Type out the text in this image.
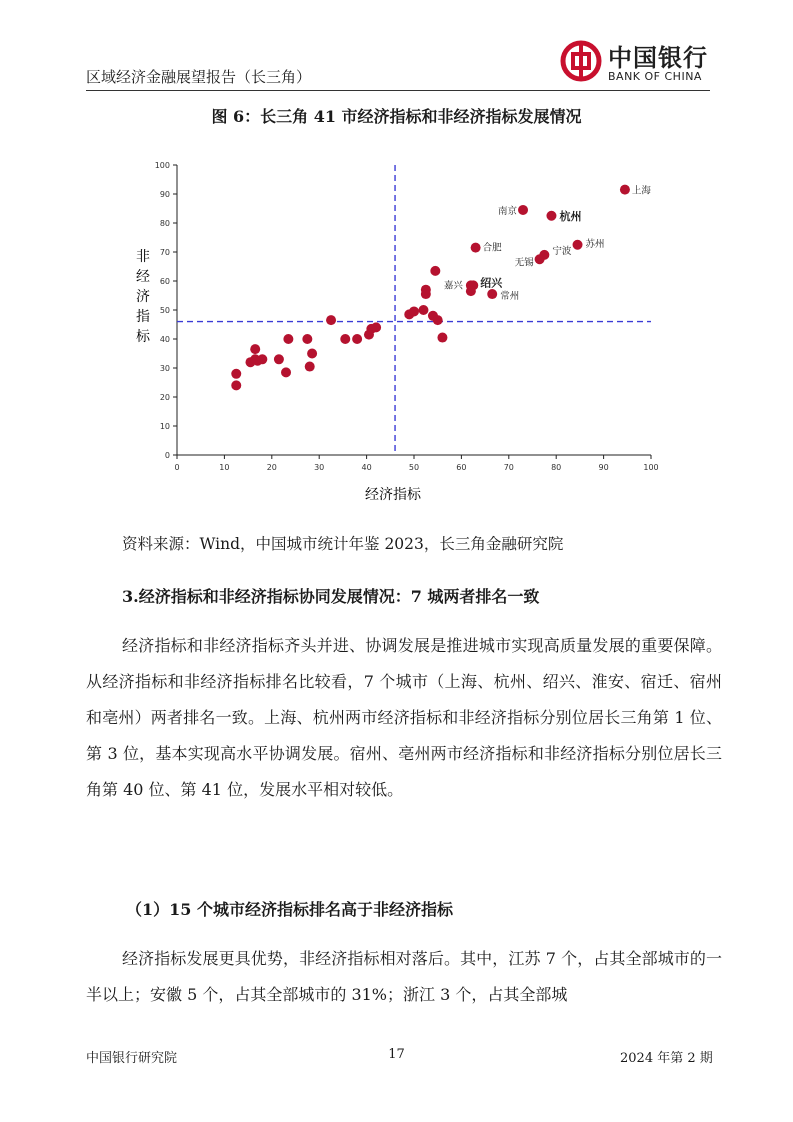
区域经济金融展望报告（长三角）
中国银行
BANK OF CHINA
图 6：长三角 41 市经济指标和非经济指标发展情况
0	10	20	30	40	50	60	70	80	90	100
0
10
20
30
40
50
60
70
80
90
100
上海
南京	杭州
苏州
合肥	宁波
无锡
嘉兴 绍兴
常州
经济指标
非经济指标
资料来源：Wind，中国城市统计年鉴 2023，长三角金融研究院
3.经济指标和非经济指标协同发展情况：7 城两者排名一致
经济指标和非经济指标齐头并进、协调发展是推进城市实现高质量发展的重要保障。从经济指标和非经济指标排名比较看，7 个城市（上海、杭州、绍兴、淮安、宿迁、宿州和亳州）两者排名一致。上海、杭州两市经济指标和非经济指标分别位居长三角第 1 位、第 3 位，基本实现高水平协调发展。宿州、亳州两市经济指标和非经济指标分别位居长三角第 40 位、第 41 位，发展水平相对较低。
（1）15 个城市经济指标排名高于非经济指标
经济指标发展更具优势，非经济指标相对落后。其中，江苏 7 个，占其全部城市的一半以上；安徽 5 个，占其全部城市的 31%；浙江 3 个，占其全部城
中国银行研究院	17	2024 年第 2 期
